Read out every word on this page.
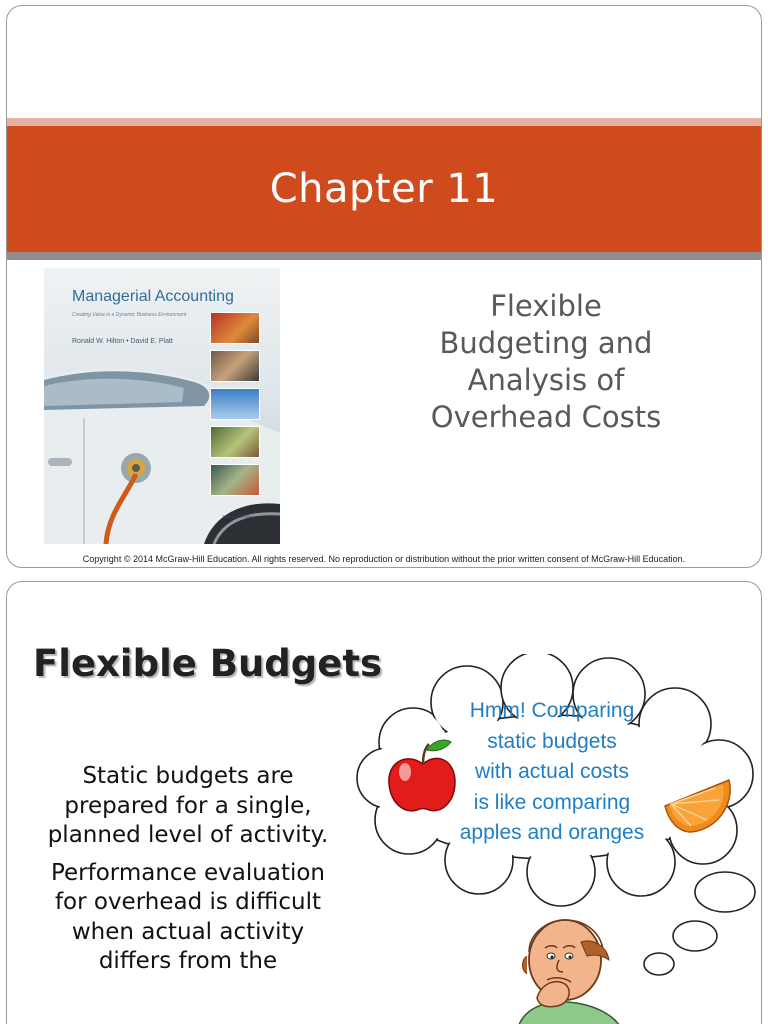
Chapter 11
Managerial Accounting
Creating Value in a Dynamic Business Environment
Ronald W. Hilton • David E. Platt
TENTH EDITION
Flexible
Budgeting and
Analysis of
Overhead Costs
Copyright © 2014 McGraw-Hill Education. All rights reserved. No reproduction or distribution without the prior written consent of McGraw-Hill Education.
Flexible Budgets

Static budgets are prepared for a single, planned level of activity.

Performance evaluation for overhead is difficult when actual activity differs from the

Hmm! Comparing
static budgets
with actual costs
is like comparing
apples and oranges
